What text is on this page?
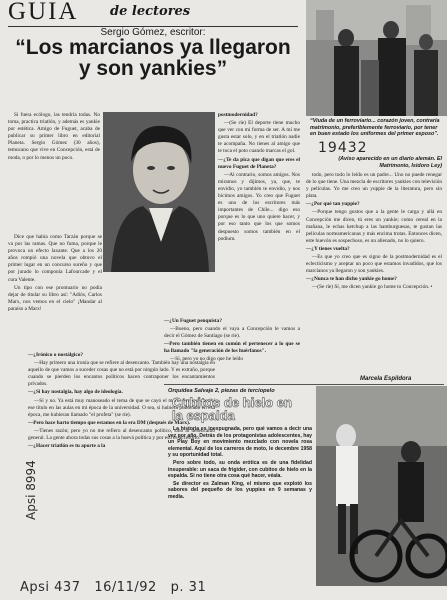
GUIA de lectores
Sergio Gómez, escritor:
“Los marcianos ya llegaron y son yankies”
“Viuda de un ferroviario... corazón joven, contraría matrimonio, preferiblemente ferroviario, por tener en buen estado los uniformes del primer esposo”.
(Aviso aparecido en un diario alemán. El Matrimonio, Isidoro Ley)
19432

Si fuera ecólogo, las tendría todas. No toma, practica triatlón, y además es yankie por estética. Amigo de Fuguet, acaba de publicar su primer libro en editorial Planeta. Sergio Gómez (30 años), temucano que vive en Concepción, está de moda, o por lo menos un poco.

Dice que había como Tarzán porque se va por las ramas. Que no fuma, porque le provoca un efecto laxante. Que a los 20 años rompió una novela que obtuvo el primer lugar en un concurso sureño y que por jurado lo componía Lafourcade y el cura Valente.

Un tipo con ese prontuario no podía dejar de titular su libro así: "Adiós, Carlos Marx, nos vemos en el cielo" ¡Mandar al paraíso a Marx!

—¿Irónico o nostálgico?

—Hay primero una ironía que se refiere al desencanto. También hay una nostalgia en aquello de que vamos a suceder cosas que no está por ningún lado. Y es extraño, porque cuando se pierden los encantos políticos hacen contraponer los encantamientos privados.

—¿Si hay nostalgia, hay algo de ideología.

—Sí y no. Ya está muy manoseado el tema de que se cayó el muro. Pero yo escribí ese título en las aulas en mi época de la universidad. O sea, si hubiera publicado en esa época, me hubieran llamado "el profeta" (se ríe).

—Pero hace harto tiempo que estamos en la era DM (después de Marx).

—Tienes razón; pero yo no me refiero al desencanto político, sino al desencanto general. La gente ahora todas sus cosas a la huevá política y por eso es accesorio.

—¿Hacer triatlón es tu aporte a la

postmodernidad?

—(Se ríe) El deporte tiene mucho que ver con mi forma de ser. A mí me gusta estar solo, y en el triatlón nadie te acompaña. No tienes al amigo que te toca el poto cuando marcas el gol.

—¿Te da pica que digan que eres el nuevo Fuguet de Planeta?

—Al contrario, somos amigos. Nos miramos y dijimos, ya, que, te envidio, yo también te envidio, y nos hicimos amigos. Yo creo que Fuguet es uno de los escritores más importantes de Chile... digo eso porque es lo que uno quiere hacer, y por eso tanto que los que somos despuesto somos también en el podium.

—¿Un Fuguet penquista?

—Bueno, pero cuando el vaya a Concepción le vamos a decir el Gómez de Santiago (se ríe).

—Pero también tienen en común el pertenecer a lo que se ha llamado "la generación de los huérfanos".

—Sí, pero yo no digo que he leído

todo, pero todo lo leído es un padre... Uno no puede renegar de lo que tiene. Una mezcla de escritores yankies con televisión y películas. Yo me creo un yuppie de la literatura, pero sin plata.

—¿Por qué tan yuppie?

—Porque tengo gustos que a la gente le carga y allá en Concepción me dicen, tú eres un yankie; como cereal en la mañana, le echas ketchup a las hamburguesas, te gustan las películas norteamericanas y más encima trotas. Entonces dicen, este huevón es sospechoso, es un alienado, no lo quiero.

—¿Y tienes vuelta?

—Es que yo creo que es signo de la postmodernidad es el eclecticismo y aceptar un poco que estamos invadidos, que los marcianos ya llegaron y son yankies.

—¿Nunca te han dicho yankie go home?

—(Se ríe) Sí, me dicen yankie go home to Concepción. •

Marcela Espildora
Orquídea Salvaje 2, piezas de terciopelo
Cubitos de hielo en la espalda

La historia es inexpugnada, pero qué vamos a decir una vez por año. Detrás de los protagonistas adolescentes, hay un Play Boy en movimiento mezclado con novela rosa elemental. Aquí de los carreros de moto, le decembre 1958 y su oportunidad total.

Pero sobre todo, su onda erótica es de una fidelidad insuperable: un saca de frigider, con cubitos de hielo en la espalda. Si no tiene otra cosa qué hacer, véala.

Se director es Zalman King, el mismo que explotó los sabores del pequeño de los yuppies en 9 semanas y media.

Apsi 8994
Apsi 437   16/11/92   p. 31
